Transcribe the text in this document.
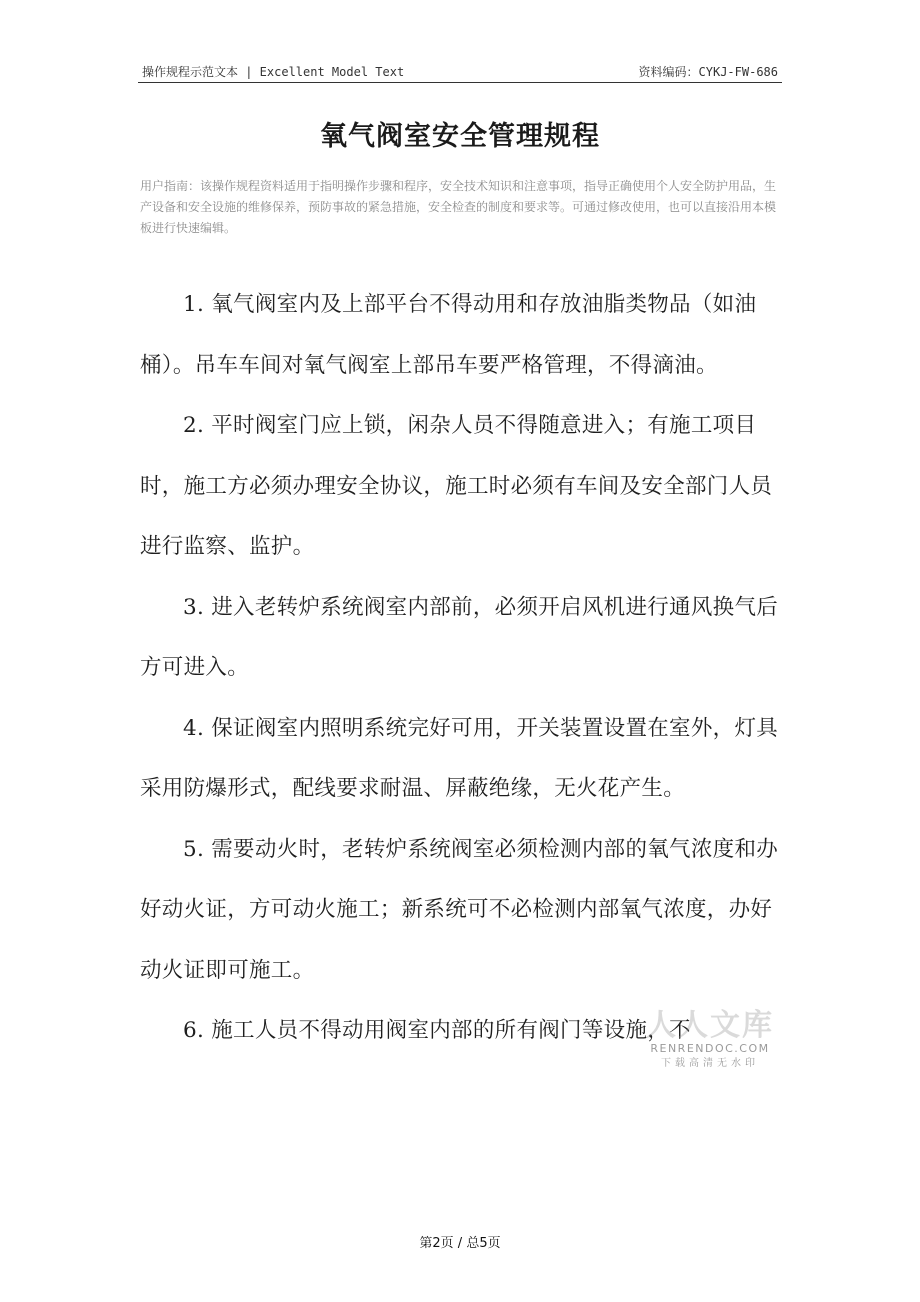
操作规程示范文本 | Excellent Model Text	资料编码：CYKJ-FW-686
氧气阀室安全管理规程
用户指南：该操作规程资料适用于指明操作步骤和程序，安全技术知识和注意事项，指导正确使用个人安全防护用品，生产设备和安全设施的维修保养，预防事故的紧急措施，安全检查的制度和要求等。可通过修改使用，也可以直接沿用本模板进行快速编辑。

1. 氧气阀室内及上部平台不得动用和存放油脂类物品（如油桶）。吊车车间对氧气阀室上部吊车要严格管理，不得滴油。

2. 平时阀室门应上锁，闲杂人员不得随意进入；有施工项目时，施工方必须办理安全协议，施工时必须有车间及安全部门人员进行监察、监护。

3. 进入老转炉系统阀室内部前，必须开启风机进行通风换气后方可进入。

4. 保证阀室内照明系统完好可用，开关装置设置在室外，灯具采用防爆形式，配线要求耐温、屏蔽绝缘，无火花产生。

5. 需要动火时，老转炉系统阀室必须检测内部的氧气浓度和办好动火证，方可动火施工；新系统可不必检测内部氧气浓度，办好动火证即可施工。

6. 施工人员不得动用阀室内部的所有阀门等设施，不

人人文库
RENRENDOC.COM
下载高清无水印
第2页 / 总5页
